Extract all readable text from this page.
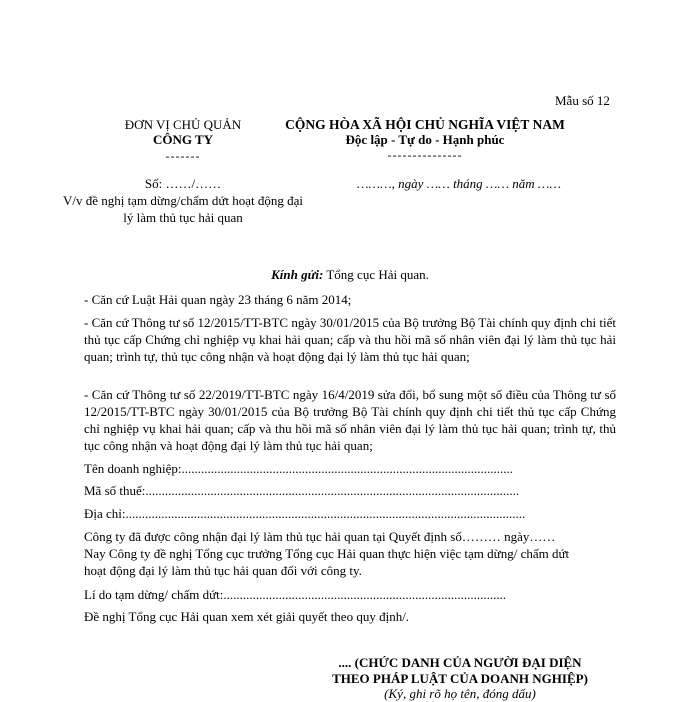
Mẫu số 12
ĐƠN VỊ CHỦ QUẢN
CÔNG TY
-------
CỘNG HÒA XÃ HỘI CHỦ NGHĨA VIỆT NAM
Độc lập - Tự do - Hạnh phúc
---------------
Số: ……/……
V/v đề nghị tạm dừng/chấm dứt hoạt động đại lý làm thủ tục hải quan
………, ngày …… tháng …… năm ……
Kính gửi: Tổng cục Hải quan.
- Căn cứ Luật Hải quan ngày 23 tháng 6 năm 2014;
- Căn cứ Thông tư số 12/2015/TT-BTC ngày 30/01/2015 của Bộ trưởng Bộ Tài chính quy định chi tiết thủ tục cấp Chứng chỉ nghiệp vụ khai hải quan; cấp và thu hồi mã số nhân viên đại lý làm thủ tục hải quan; trình tự, thủ tục công nhận và hoạt động đại lý làm thủ tục hải quan;
- Căn cứ Thông tư số 22/2019/TT-BTC ngày 16/4/2019 sửa đổi, bổ sung một số điều của Thông tư số 12/2015/TT-BTC ngày 30/01/2015 của Bộ trưởng Bộ Tài chính quy định chi tiết thủ tục cấp Chứng chỉ nghiệp vụ khai hải quan; cấp và thu hồi mã số nhân viên đại lý làm thủ tục hải quan; trình tự, thủ tục công nhận và hoạt động đại lý làm thủ tục hải quan;
Tên doanh nghiệp:......................................................................................................
Mã số thuế:...................................................................................................................
Địa chỉ:...........................................................................................................................
Công ty đã được công nhận đại lý làm thủ tục hải quan tại Quyết định số……… ngày……
Nay Công ty đề nghị Tổng cục trưởng Tổng cục Hải quan thực hiện việc tạm dừng/ chấm dứt
hoạt động đại lý làm thủ tục hải quan đối với công ty.
Lí do tạm dừng/ chấm dứt:.......................................................................................
Đề nghị Tổng cục Hải quan xem xét giải quyết theo quy định/.
.... (CHỨC DANH CỦA NGƯỜI ĐẠI DIỆN
THEO PHÁP LUẬT CỦA DOANH NGHIỆP)
(Ký, ghi rõ họ tên, đóng dấu)
